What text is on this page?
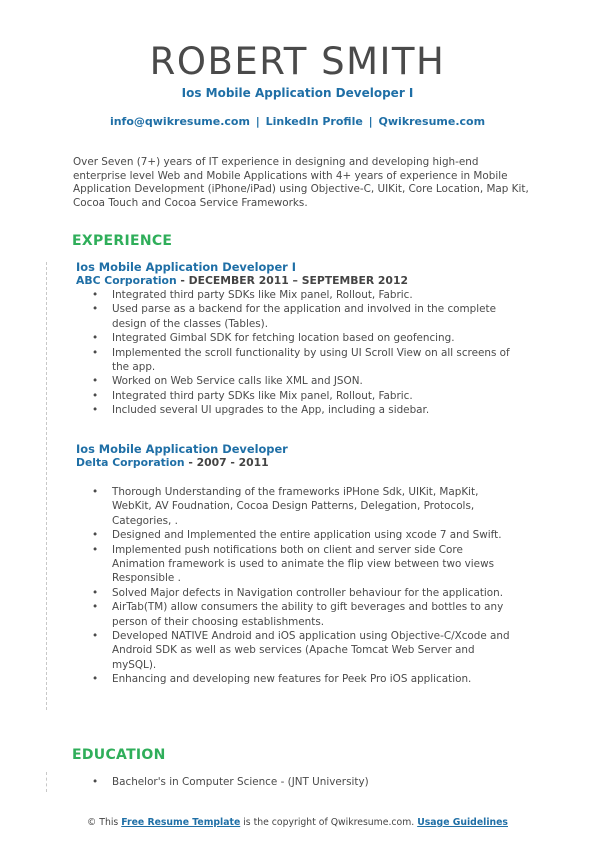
ROBERT SMITH
Ios Mobile Application Developer I
info@qwikresume.com | LinkedIn Profile | Qwikresume.com
Over Seven (7+) years of IT experience in designing and developing high-end enterprise level Web and Mobile Applications with 4+ years of experience in Mobile Application Development (iPhone/iPad) using Objective-C, UIKit, Core Location, Map Kit, Cocoa Touch and Cocoa Service Frameworks.
EXPERIENCE
Ios Mobile Application Developer I
ABC Corporation - DECEMBER 2011 – SEPTEMBER 2012
• Integrated third party SDKs like Mix panel, Rollout, Fabric.
• Used parse as a backend for the application and involved in the complete design of the classes (Tables).
• Integrated Gimbal SDK for fetching location based on geofencing.
• Implemented the scroll functionality by using UI Scroll View on all screens of the app.
• Worked on Web Service calls like XML and JSON.
• Integrated third party SDKs like Mix panel, Rollout, Fabric.
• Included several UI upgrades to the App, including a sidebar.
Ios Mobile Application Developer
Delta Corporation - 2007 - 2011
• Thorough Understanding of the frameworks iPHone Sdk, UIKit, MapKit, WebKit, AV Foudnation, Cocoa Design Patterns, Delegation, Protocols, Categories, .
• Designed and Implemented the entire application using xcode 7 and Swift.
• Implemented push notifications both on client and server side Core Animation framework is used to animate the flip view between two views Responsible .
• Solved Major defects in Navigation controller behaviour for the application.
• AirTab(TM) allow consumers the ability to gift beverages and bottles to any person of their choosing establishments.
• Developed NATIVE Android and iOS application using Objective-C/Xcode and Android SDK as well as web services (Apache Tomcat Web Server and mySQL).
• Enhancing and developing new features for Peek Pro iOS application.
EDUCATION
• Bachelor's in Computer Science - (JNT University)
© This Free Resume Template is the copyright of Qwikresume.com. Usage Guidelines
